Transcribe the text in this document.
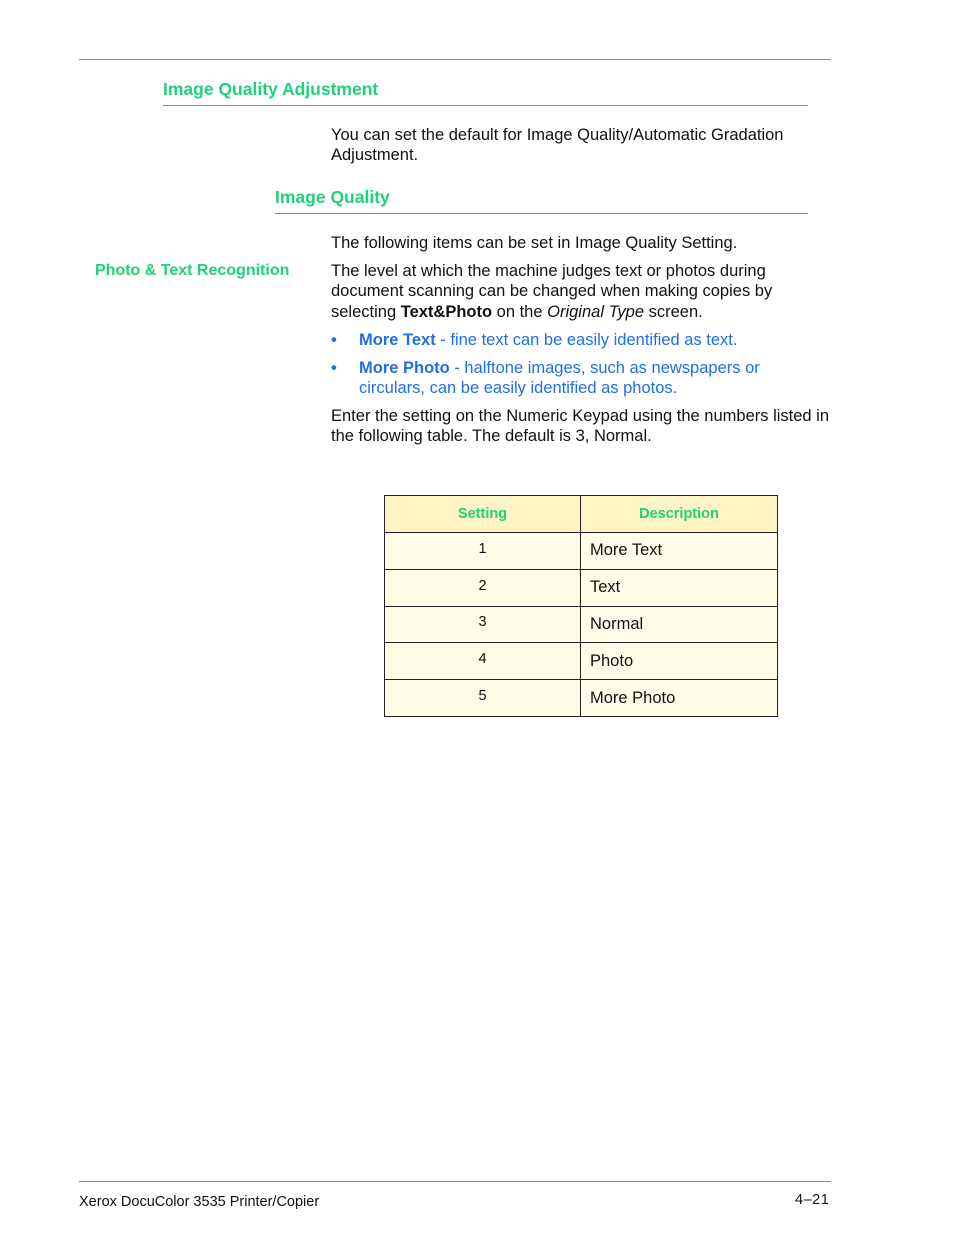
Image Quality Adjustment
You can set the default for Image Quality/Automatic Gradation Adjustment.
Image Quality
The following items can be set in Image Quality Setting.
Photo & Text Recognition	The level at which the machine judges text or photos during document scanning can be changed when making copies by selecting Text&Photo on the Original Type screen.
• More Text - fine text can be easily identified as text.
• More Photo - halftone images, such as newspapers or circulars, can be easily identified as photos.
Enter the setting on the Numeric Keypad using the numbers listed in the following table. The default is 3, Normal.
Setting	Description
1	More Text
2	Text
3	Normal
4	Photo
5	More Photo
Xerox DocuColor 3535 Printer/Copier	4–21
